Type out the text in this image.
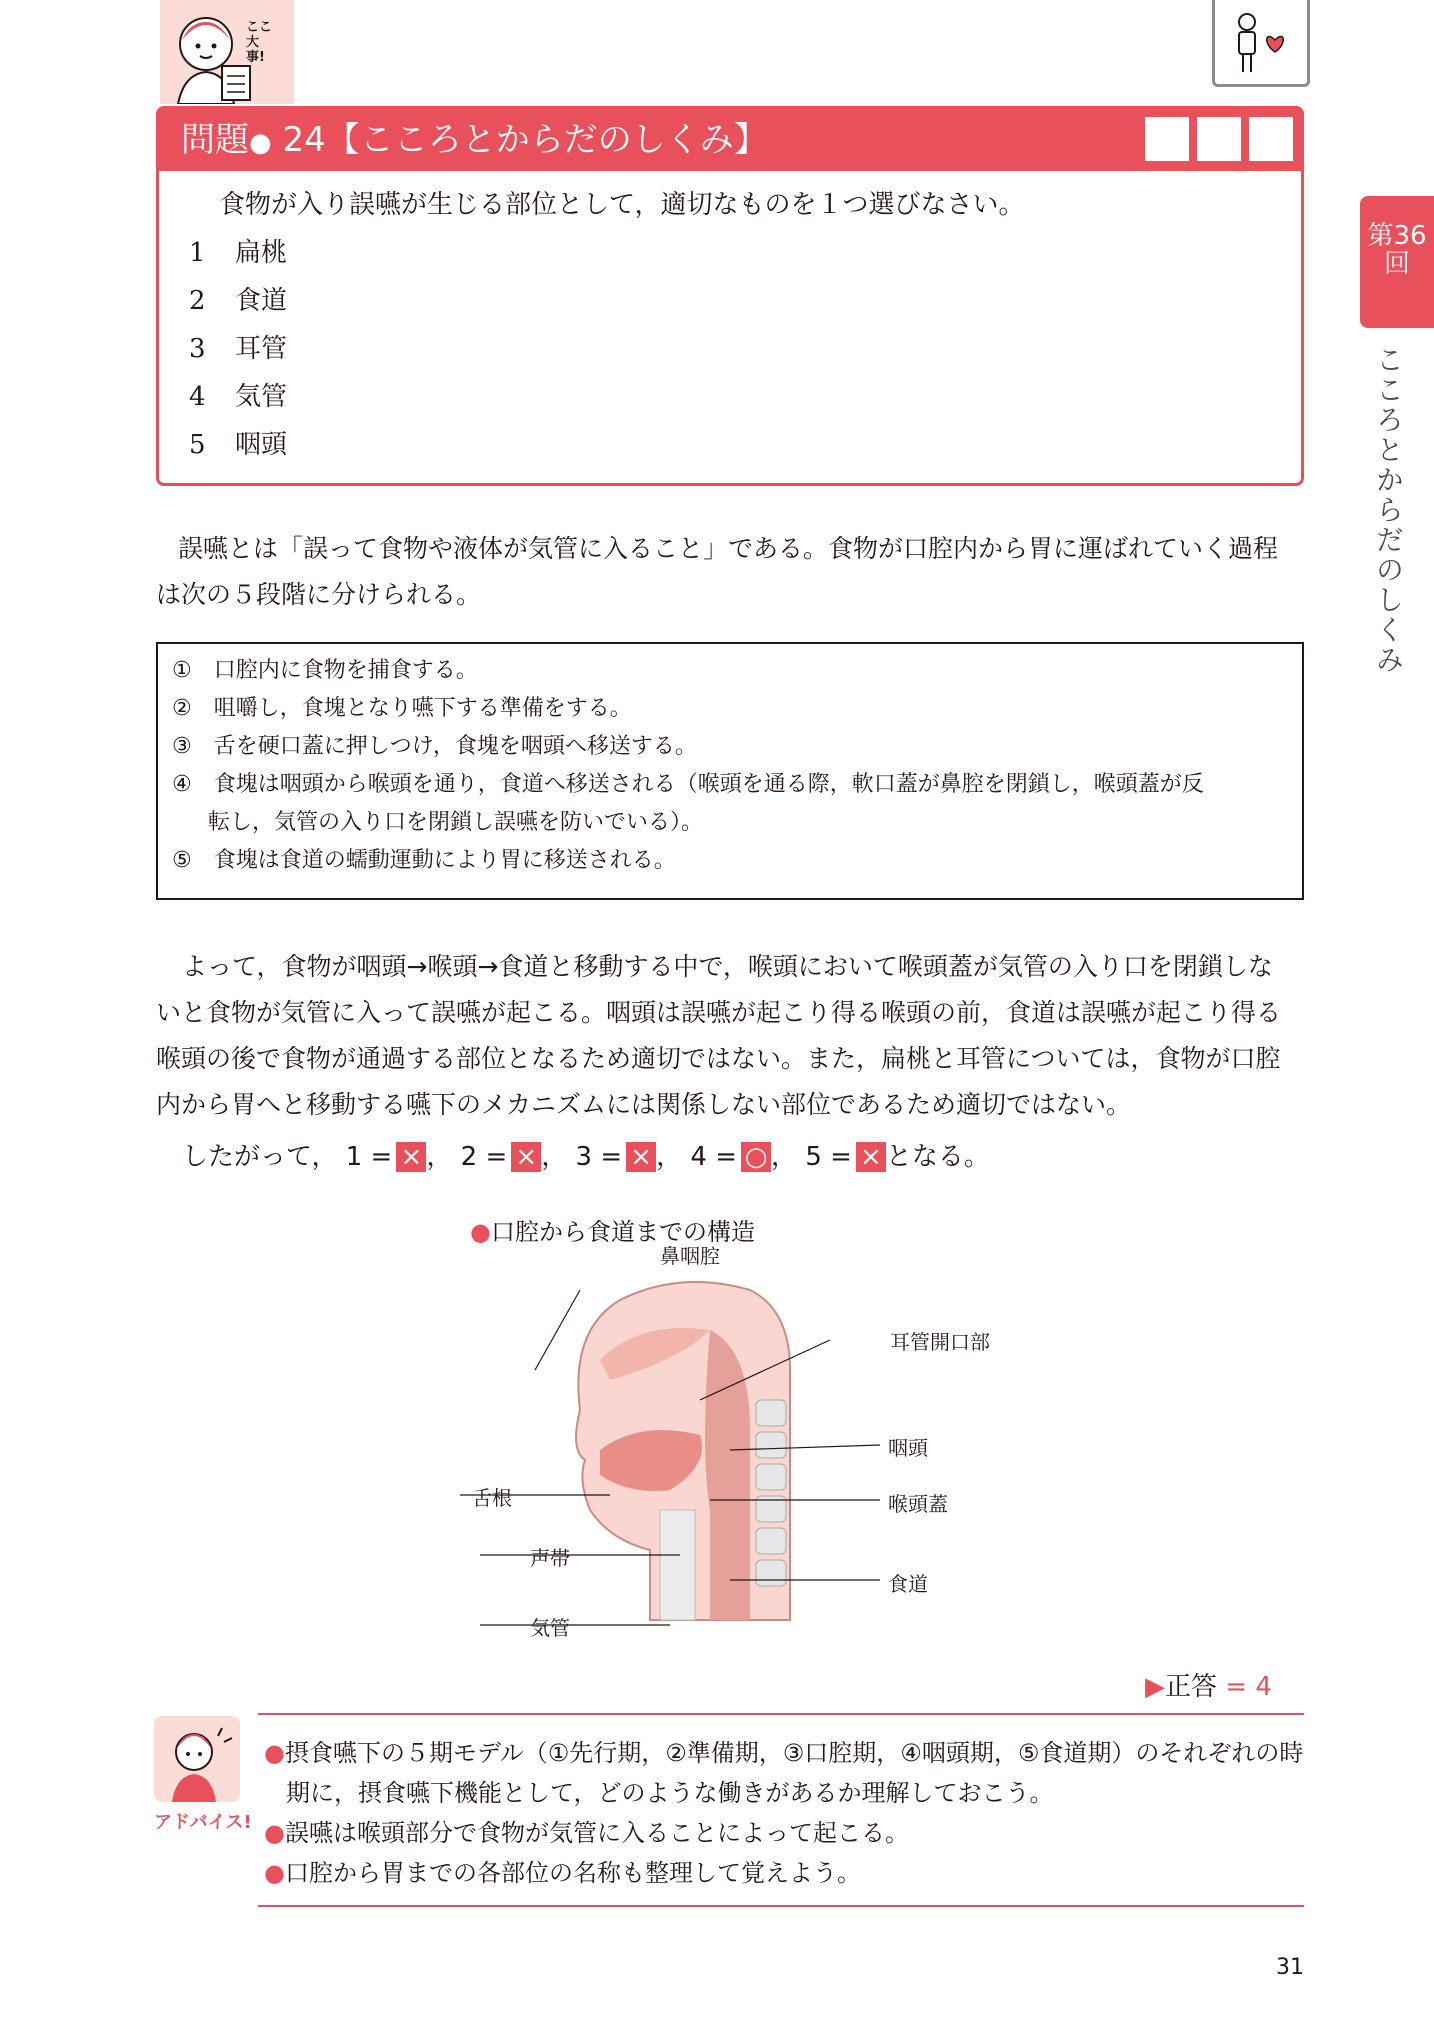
ここ大事!
第36回
こころとからだのしくみ
問題● 24【こころとからだのしくみ】
食物が入り誤嚥が生じる部位として，適切なものを１つ選びなさい。
1	扁桃
2	食道
3	耳管
4	気管
5	咽頭
誤嚥とは「誤って食物や液体が気管に入ること」である。食物が口腔内から胃に運ばれていく過程
は次の５段階に分けられる。
①　口腔内に食物を捕食する。
②　咀嚼し，食塊となり嚥下する準備をする。
③　舌を硬口蓋に押しつけ，食塊を咽頭へ移送する。
④　食塊は咽頭から喉頭を通り，食道へ移送される（喉頭を通る際，軟口蓋が鼻腔を閉鎖し，喉頭蓋が反
転し，気管の入り口を閉鎖し誤嚥を防いでいる）。
⑤　食塊は食道の蠕動運動により胃に移送される。
よって，食物が咽頭→喉頭→食道と移動する中で，喉頭において喉頭蓋が気管の入り口を閉鎖しな
いと食物が気管に入って誤嚥が起こる。咽頭は誤嚥が起こり得る喉頭の前，食道は誤嚥が起こり得る
喉頭の後で食物が通過する部位となるため適切ではない。また，扁桃と耳管については，食物が口腔
内から胃へと移動する嚥下のメカニズムには関係しない部位であるため適切ではない。
したがって， 1 = × ， 2 = × ， 3 = × ， 4 = ○ ， 5 = × となる。
●口腔から食道までの構造
鼻咽腔
耳管開口部
咽頭
舌根	喉頭蓋
声帯
食道
気管
▶正答 = 4
アドバイス!
●摂食嚥下の５期モデル（①先行期，②準備期，③口腔期，④咽頭期，⑤食道期）のそれぞれの時
期に，摂食嚥下機能として，どのような働きがあるか理解しておこう。
●誤嚥は喉頭部分で食物が気管に入ることによって起こる。
●口腔から胃までの各部位の名称も整理して覚えよう。
31
